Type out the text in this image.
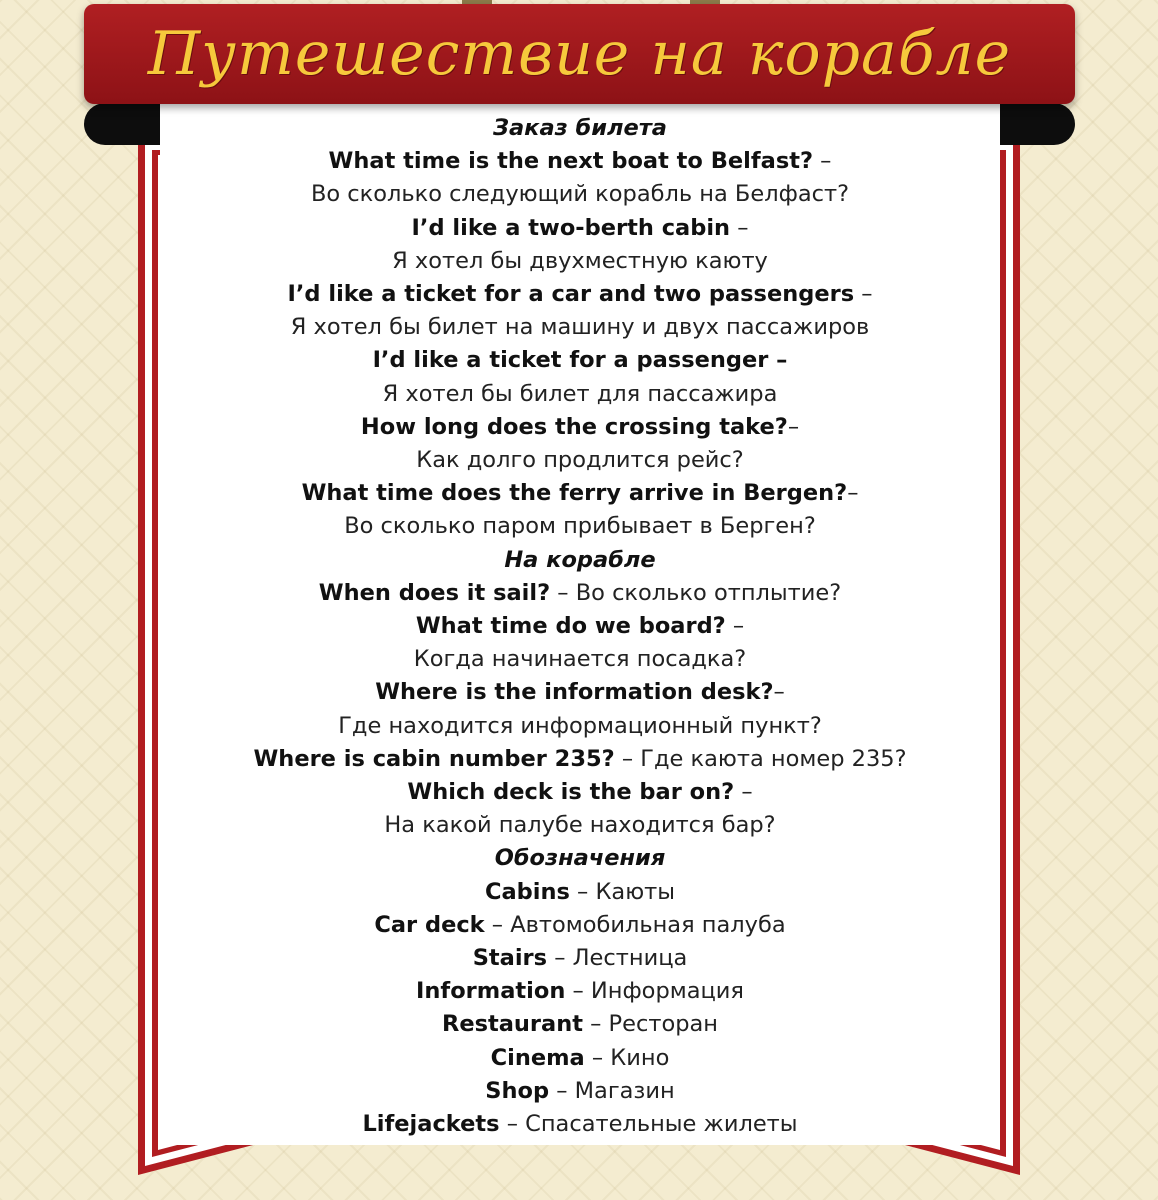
Путешествие на корабле
Заказ билета
What time is the next boat to Belfast? –
Во сколько следующий корабль на Белфаст?
I’d like a two-berth cabin –
Я хотел бы двухместную каюту
I’d like a ticket for a car and two passengers –
Я хотел бы билет на машину и двух пассажиров
I’d like a ticket for a passenger –
Я хотел бы билет для пассажира
How long does the crossing take?–
Как долго продлится рейс?
What time does the ferry arrive in Bergen?–
Во сколько паром прибывает в Берген?
На корабле
When does it sail? – Во сколько отплытие?
What time do we board? –
Когда начинается посадка?
Where is the information desk?–
Где находится информационный пункт?
Where is cabin number 235? – Где каюта номер 235?
Which deck is the bar on? –
На какой палубе находится бар?
Обозначения
Cabins – Каюты
Car deck – Автомобильная палуба
Stairs – Лестница
Information – Информация
Restaurant – Ресторан
Cinema – Кино
Shop – Магазин
Lifejackets – Спасательные жилеты
